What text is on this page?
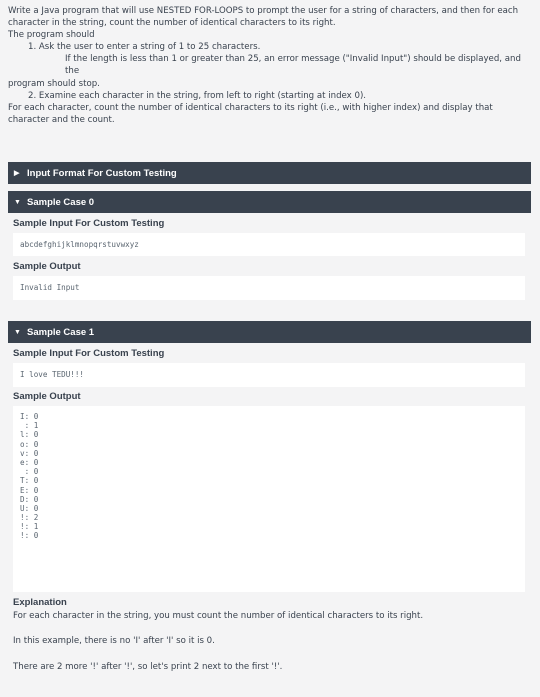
Write a Java program that will use NESTED FOR-LOOPS to prompt the user for a string of characters, and then for each character in the string, count the number of identical characters to its right.

The program should

1. Ask the user to enter a string of 1 to 25 characters.

If the length is less than 1 or greater than 25, an error message ("Invalid Input") should be displayed, and the

program should stop.

2. Examine each character in the string, from left to right (starting at index 0).

For each character, count the number of identical characters to its right (i.e., with higher index) and display that character and the count.

▶ Input Format For Custom Testing
▼ Sample Case 0
Sample Input For Custom Testing
abcdefghijklmnopqrstuvwxyz
Sample Output
Invalid Input
▼ Sample Case 1
Sample Input For Custom Testing
I love TEDU!!!
Sample Output
I: 0
: 1
l: 0
o: 0
v: 0
e: 0
: 0
T: 0
E: 0
D: 0
U: 0
!: 2
!: 1
!: 0
Explanation

For each character in the string, you must count the number of identical characters to its right.

In this example, there is no 'I' after 'I' so it is 0.

There are 2 more '!' after '!', so let's print 2 next to the first '!'.
